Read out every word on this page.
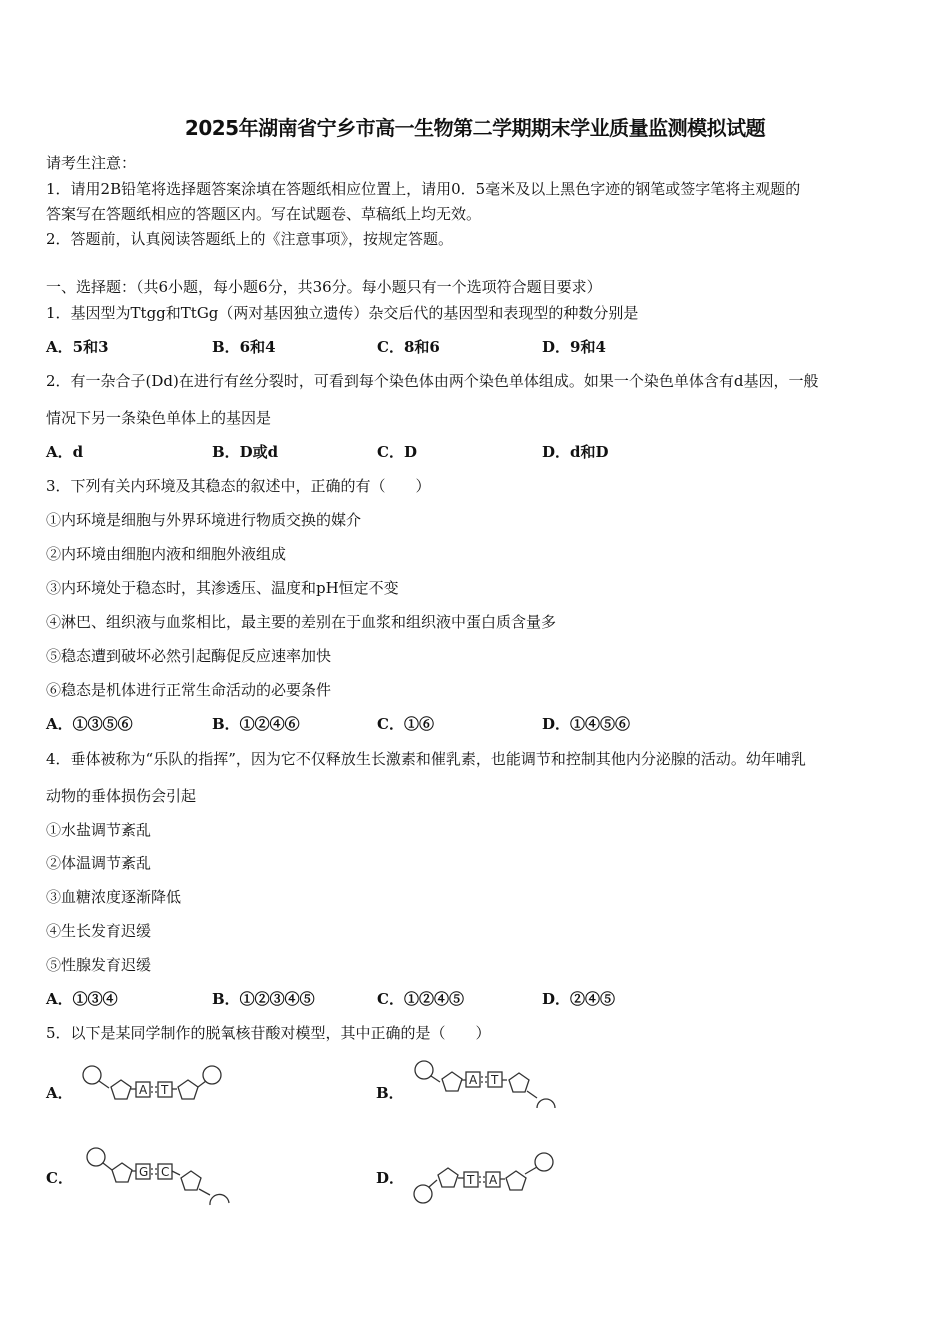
2025年湖南省宁乡市高一生物第二学期期末学业质量监测模拟试题
请考生注意：
1．请用2B铅笔将选择题答案涂填在答题纸相应位置上，请用0．5毫米及以上黑色字迹的钢笔或签字笔将主观题的
答案写在答题纸相应的答题区内。写在试题卷、草稿纸上均无效。
2．答题前，认真阅读答题纸上的《注意事项》，按规定答题。
一、选择题：（共6小题，每小题6分，共36分。每小题只有一个选项符合题目要求）
1．基因型为Ttgg和TtGg（两对基因独立遗传）杂交后代的基因型和表现型的种数分别是
A．5和3	B．6和4	C．8和6	D．9和4
2．有一杂合子(Dd)在进行有丝分裂时，可看到每个染色体由两个染色单体组成。如果一个染色单体含有d基因，一般
情况下另一条染色单体上的基因是
A．d	B．D或d	C．D	D．d和D
3．下列有关内环境及其稳态的叙述中，正确的有（　　）
①内环境是细胞与外界环境进行物质交换的媒介
②内环境由细胞内液和细胞外液组成
③内环境处于稳态时，其渗透压、温度和pH恒定不变
④淋巴、组织液与血浆相比，最主要的差别在于血浆和组织液中蛋白质含量多
⑤稳态遭到破坏必然引起酶促反应速率加快
⑥稳态是机体进行正常生命活动的必要条件
A．①③⑤⑥	B．①②④⑥	C．①⑥	D．①④⑤⑥
4．垂体被称为“乐队的指挥”，因为它不仅释放生长激素和催乳素，也能调节和控制其他内分泌腺的活动。幼年哺乳
动物的垂体损伤会引起
①水盐调节紊乱
②体温调节紊乱
③血糖浓度逐渐降低
④生长发育迟缓
⑤性腺发育迟缓
A．①③④	B．①②③④⑤	C．①②④⑤	D．②④⑤
5．以下是某同学制作的脱氧核苷酸对模型，其中正确的是（　　）
A．	A T	B．
A T
C．	G C	D．	T A
